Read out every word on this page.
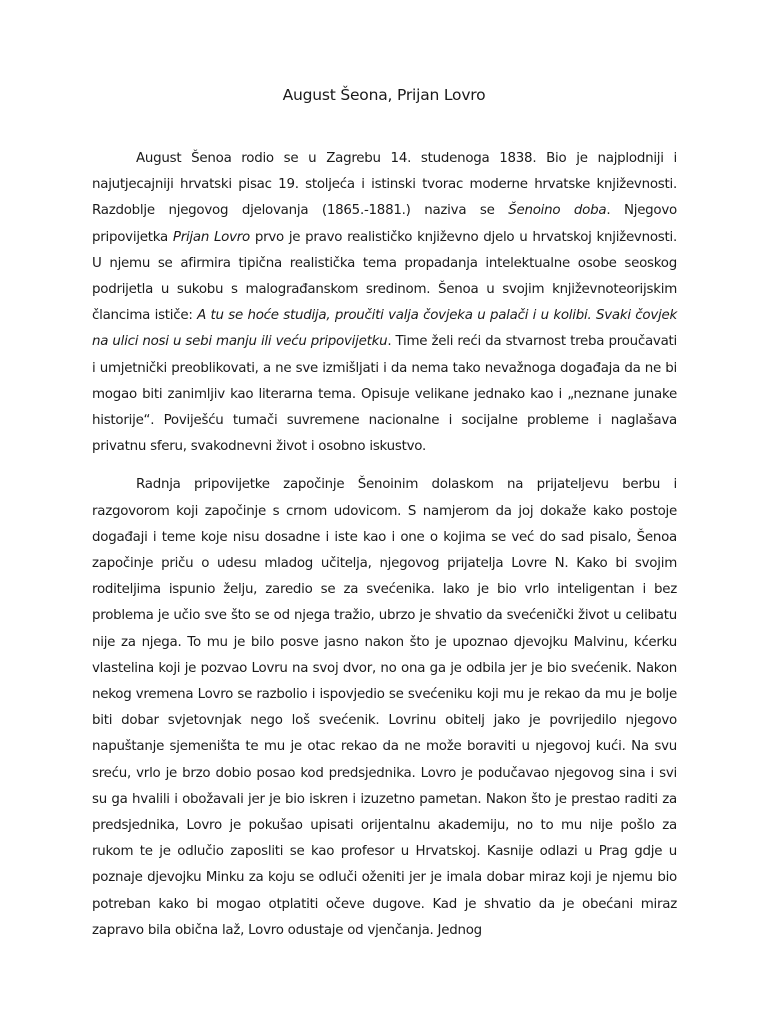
August Šeona, Prijan Lovro

August Šenoa rodio se u Zagrebu 14. studenoga 1838. Bio je najplodniji i najutjecajniji hrvatski pisac 19. stoljeća i istinski tvorac moderne hrvatske književnosti. Razdoblje njegovog djelovanja (1865.-1881.) naziva se Šenoino doba. Njegovo pripovijetka Prijan Lovro prvo je pravo realističko književno djelo u hrvatskoj književnosti. U njemu se afirmira tipična realistička tema propadanja intelektualne osobe seoskog podrijetla u sukobu s malograđanskom sredinom. Šenoa u svojim književnoteorijskim člancima ističe: A tu se hoće studija, proučiti valja čovjeka u palači i u kolibi. Svaki čovjek na ulici nosi u sebi manju ili veću pripovijetku. Time želi reći da stvarnost treba proučavati i umjetnički preoblikovati, a ne sve izmišljati i da nema tako nevažnoga događaja da ne bi mogao biti zanimljiv kao literarna tema. Opisuje velikane jednako kao i „neznane junake historije“. Poviješću tumači suvremene nacionalne i socijalne probleme i naglašava privatnu sferu, svakodnevni život i osobno iskustvo.

Radnja pripovijetke započinje Šenoinim dolaskom na prijateljevu berbu i razgovorom koji započinje s crnom udovicom. S namjerom da joj dokaže kako postoje događaji i teme koje nisu dosadne i iste kao i one o kojima se već do sad pisalo, Šenoa započinje priču o udesu mladog učitelja, njegovog prijatelja Lovre N. Kako bi svojim roditeljima ispunio želju, zaredio se za svećenika. Iako je bio vrlo inteligentan i bez problema je učio sve što se od njega tražio, ubrzo je shvatio da svećenički život u celibatu nije za njega. To mu je bilo posve jasno nakon što je upoznao djevojku Malvinu, kćerku vlastelina koji je pozvao Lovru na svoj dvor, no ona ga je odbila jer je bio svećenik. Nakon nekog vremena Lovro se razbolio i ispovjedio se svećeniku koji mu je rekao da mu je bolje biti dobar svjetovnjak nego loš svećenik. Lovrinu obitelj jako je povrijedilo njegovo napuštanje sjemeništa te mu je otac rekao da ne može boraviti u njegovoj kući. Na svu sreću, vrlo je brzo dobio posao kod predsjednika. Lovro je podučavao njegovog sina i svi su ga hvalili i obožavali jer je bio iskren i izuzetno pametan. Nakon što je prestao raditi za predsjednika, Lovro je pokušao upisati orijentalnu akademiju, no to mu nije pošlo za rukom te je odlučio zaposliti se kao profesor u Hrvatskoj. Kasnije odlazi u Prag gdje u poznaje djevojku Minku za koju se odluči oženiti jer je imala dobar miraz koji je njemu bio potreban kako bi mogao otplatiti očeve dugove. Kad je shvatio da je obećani miraz zapravo bila obična laž, Lovro odustaje od vjenčanja. Jednog
